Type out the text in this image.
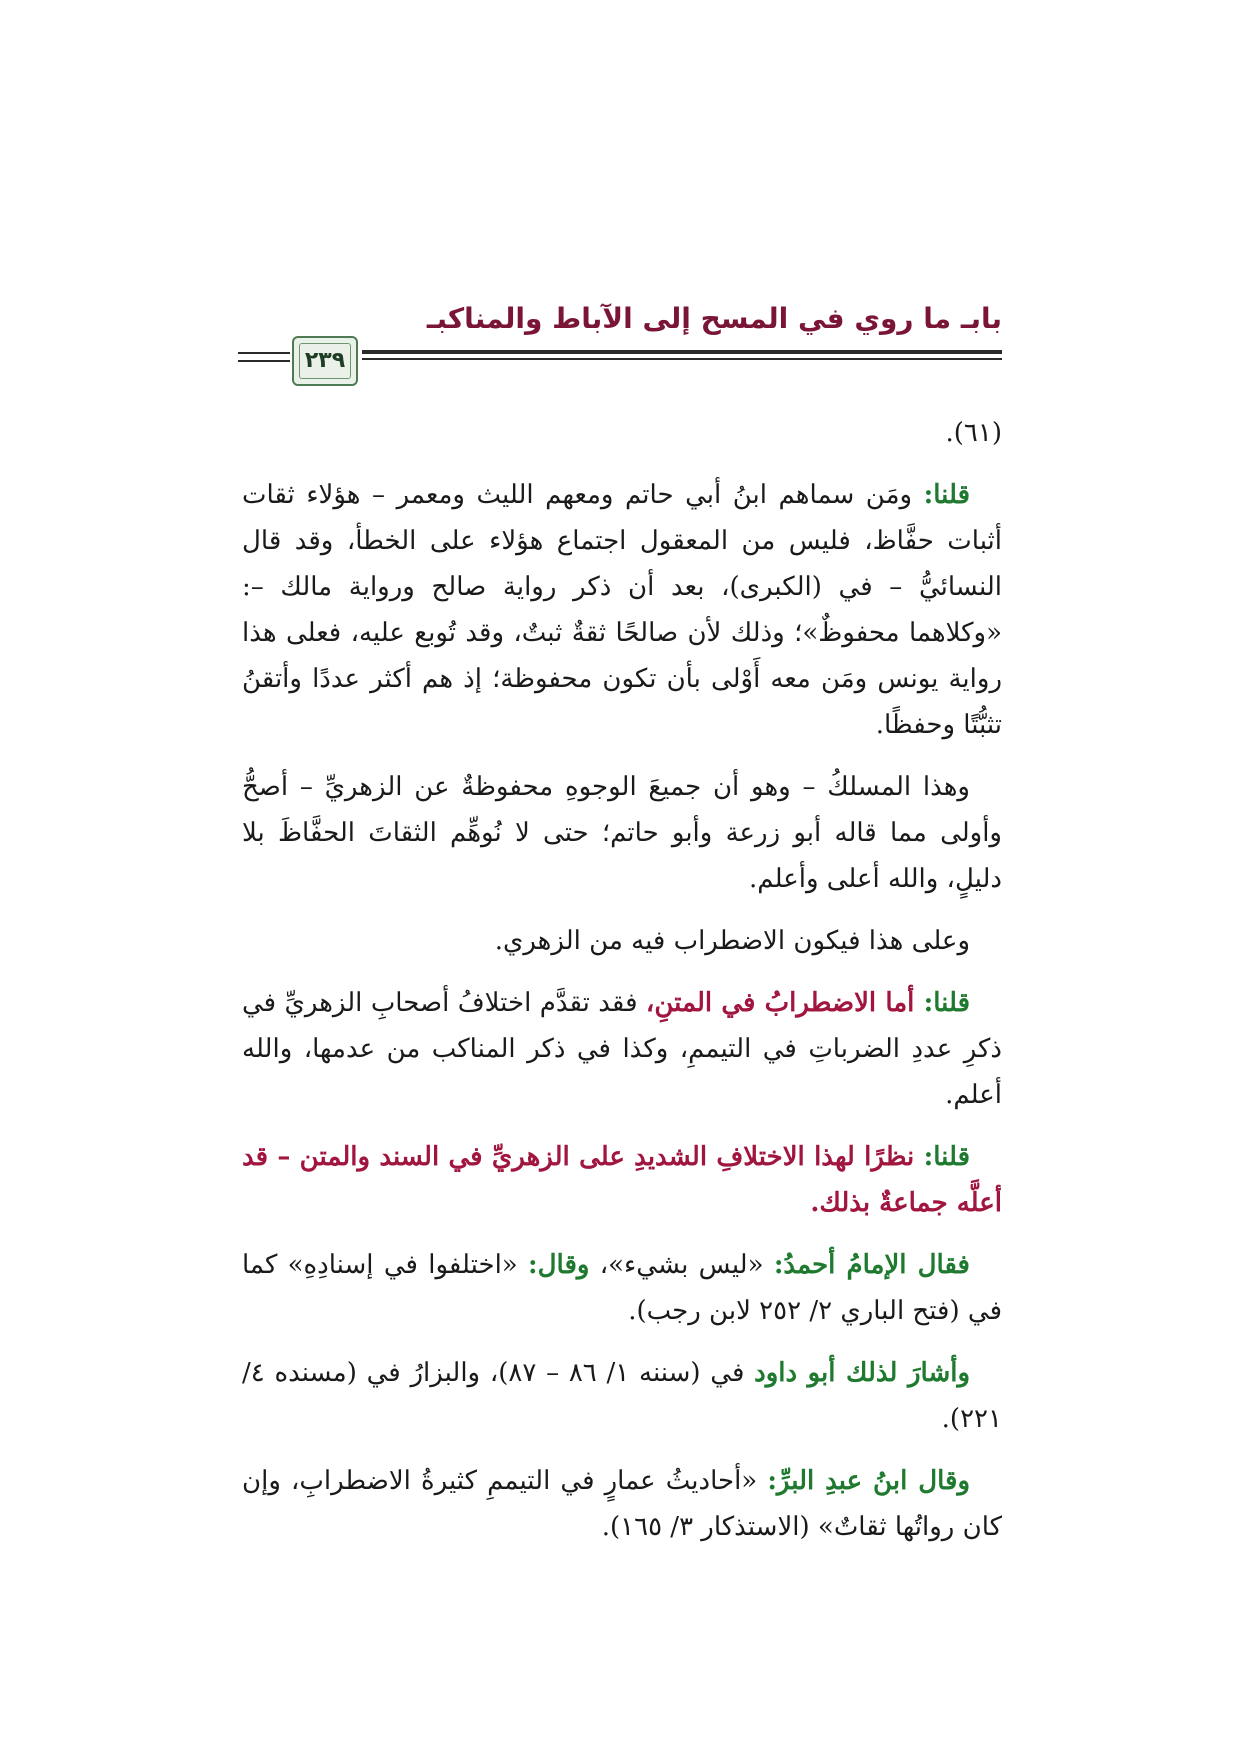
بابـ ما روي في المسح إلى الآباط والمناكبـ
٢٣٩

(٦١).

قلنا: ومَن سماهم ابنُ أبي حاتم ومعهم الليث ومعمر – هؤلاء ثقات أثبات حفَّاظ، فليس من المعقول اجتماع هؤلاء على الخطأ، وقد قال النسائيُّ – في (الكبرى)، بعد أن ذكر رواية صالح ورواية مالك –: «وكلاهما محفوظٌ»؛ وذلك لأن صالحًا ثقةٌ ثبتٌ، وقد تُوبع عليه، فعلى هذا رواية يونس ومَن معه أَوْلى بأن تكون محفوظة؛ إذ هم أكثر عددًا وأتقنُ تثبُّتًا وحفظًا.

وهذا المسلكُ – وهو أن جميعَ الوجوهِ محفوظةٌ عن الزهريِّ – أصحُّ وأولى مما قاله أبو زرعة وأبو حاتم؛ حتى لا نُوهِّم الثقاتَ الحفَّاظَ بلا دليلٍ، والله أعلى وأعلم.

وعلى هذا فيكون الاضطراب فيه من الزهري.

قلنا: أما الاضطرابُ في المتنِ، فقد تقدَّم اختلافُ أصحابِ الزهريِّ في ذكرِ عددِ الضرباتِ في التيممِ، وكذا في ذكر المناكب من عدمها، والله أعلم.

قلنا: نظرًا لهذا الاختلافِ الشديدِ على الزهريِّ في السند والمتن – قد أعلَّه جماعةٌ بذلك.

فقال الإمامُ أحمدُ: «ليس بشيء»، وقال: «اختلفوا في إسنادِهِ» كما في (فتح الباري ٢/ ٢٥٢ لابن رجب).

وأشارَ لذلك أبو داود في (سننه ١/ ٨٦ – ٨٧)، والبزارُ في (مسنده ٤/ ٢٢١).

وقال ابنُ عبدِ البرِّ: «أحاديثُ عمارٍ في التيممِ كثيرةُ الاضطرابِ، وإن كان رواتُها ثقاتٌ» (الاستذكار ٣/ ١٦٥).
